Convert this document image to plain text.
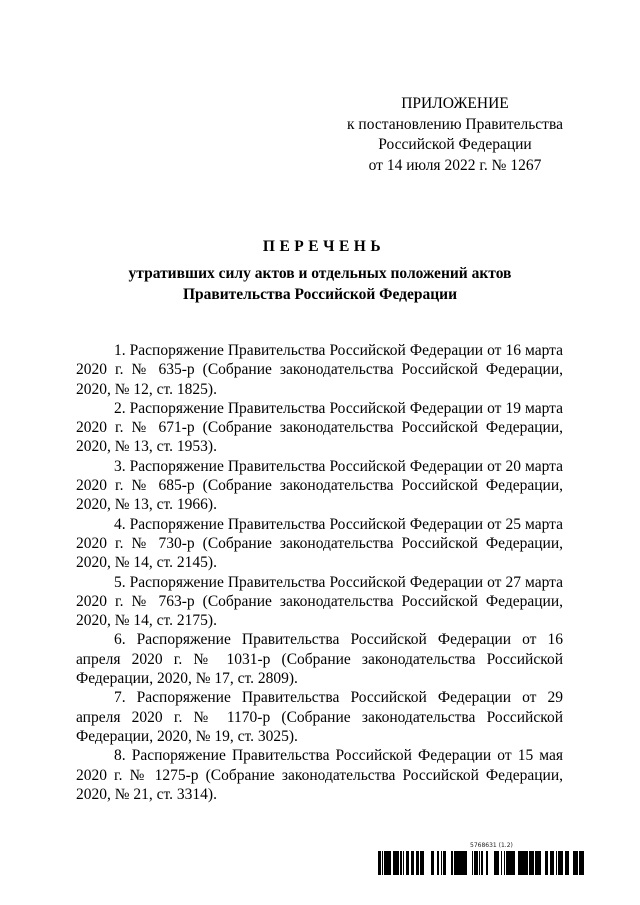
ПРИЛОЖЕНИЕ
к постановлению Правительства
Российской Федерации
от 14 июля 2022 г. № 1267
ПЕРЕЧЕНЬ
утративших силу актов и отдельных положений актов
Правительства Российской Федерации
1. Распоряжение Правительства Российской Федерации от 16 марта 2020 г. № 635-р (Собрание законодательства Российской Федерации, 2020, № 12, ст. 1825).
2. Распоряжение Правительства Российской Федерации от 19 марта 2020 г. № 671-р (Собрание законодательства Российской Федерации, 2020, № 13, ст. 1953).
3. Распоряжение Правительства Российской Федерации от 20 марта 2020 г. № 685-р (Собрание законодательства Российской Федерации, 2020, № 13, ст. 1966).
4. Распоряжение Правительства Российской Федерации от 25 марта 2020 г. № 730-р (Собрание законодательства Российской Федерации, 2020, № 14, ст. 2145).
5. Распоряжение Правительства Российской Федерации от 27 марта 2020 г. № 763-р (Собрание законодательства Российской Федерации, 2020, № 14, ст. 2175).
6. Распоряжение Правительства Российской Федерации от 16 апреля 2020 г. № 1031-р (Собрание законодательства Российской Федерации, 2020, № 17, ст. 2809).
7. Распоряжение Правительства Российской Федерации от 29 апреля 2020 г. № 1170-р (Собрание законодательства Российской Федерации, 2020, № 19, ст. 3025).
8. Распоряжение Правительства Российской Федерации от 15 мая 2020 г. № 1275-р (Собрание законодательства Российской Федерации, 2020, № 21, ст. 3314).
5768631 (1.2)
